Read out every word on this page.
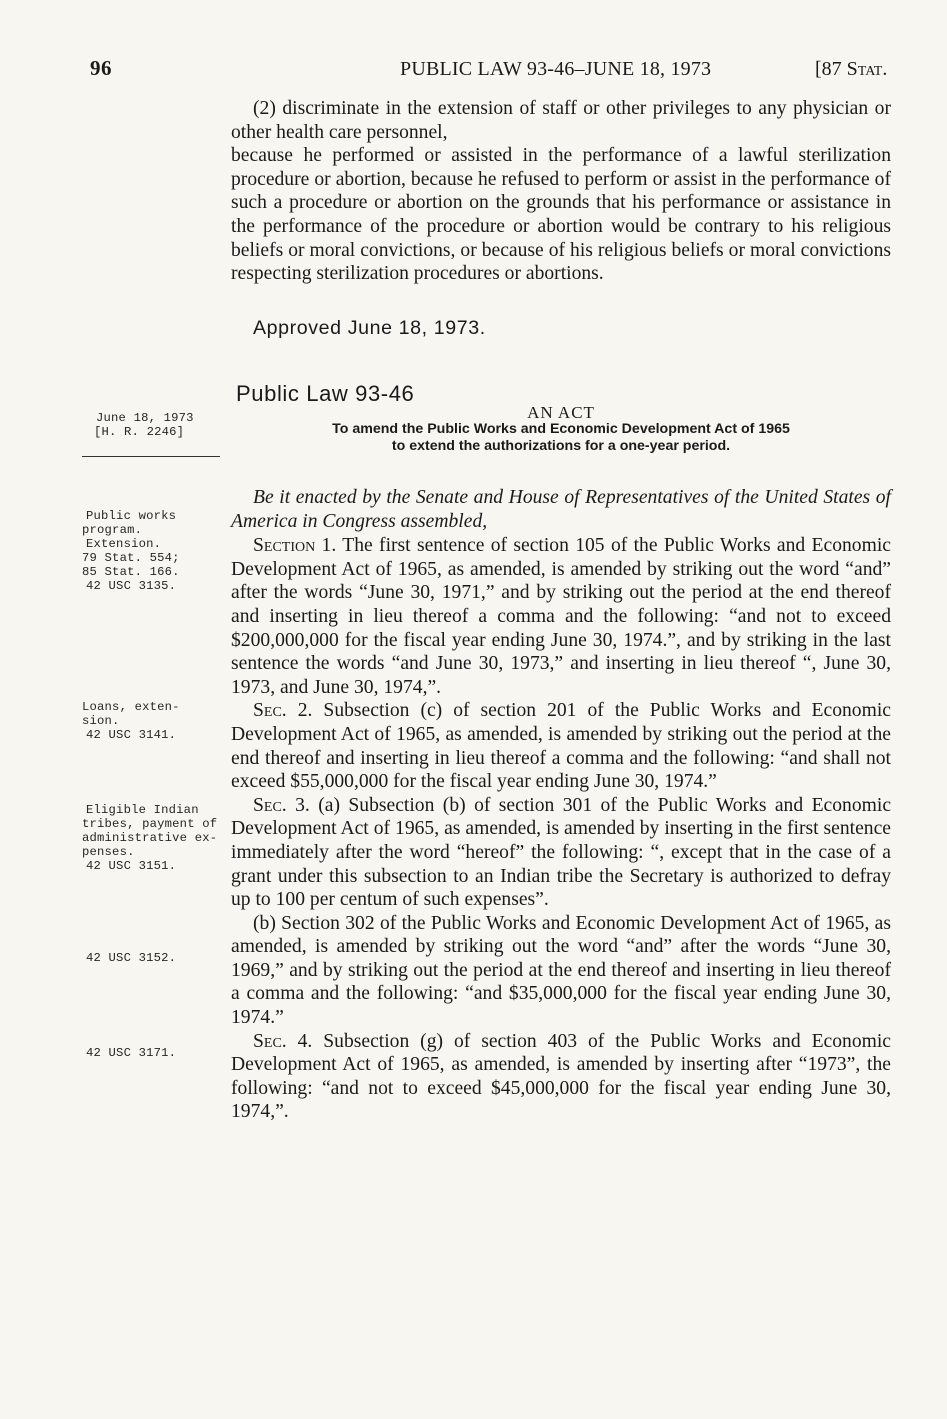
96	PUBLIC LAW 93-46–JUNE 18, 1973	[87 Stat.

(2) discriminate in the extension of staff or other privileges to any physician or other health care personnel,

because he performed or assisted in the performance of a lawful sterilization procedure or abortion, because he refused to perform or assist in the performance of such a procedure or abortion on the grounds that his performance or assistance in the performance of the procedure or abortion would be contrary to his religious beliefs or moral convictions, or because of his religious beliefs or moral convictions respecting sterilization procedures or abortions.

Approved June 18, 1973.
Public Law 93-46
June 18, 1973
[H. R. 2246]
AN ACT
To amend the Public Works and Economic Development Act of 1965
to extend the authorizations for a one-year period.

Be it enacted by the Senate and House of Representatives of the United States of America in Congress assembled,

Section 1. The first sentence of section 105 of the Public Works and Economic Development Act of 1965, as amended, is amended by striking out the word “and” after the words “June 30, 1971,” and by striking out the period at the end thereof and inserting in lieu thereof a comma and the following: “and not to exceed $200,000,000 for the fiscal year ending June 30, 1974.”, and by striking in the last sentence the words “and June 30, 1973,” and inserting in lieu thereof “, June 30, 1973, and June 30, 1974,”.

Sec. 2. Subsection (c) of section 201 of the Public Works and Economic Development Act of 1965, as amended, is amended by striking out the period at the end thereof and inserting in lieu thereof a comma and the following: “and shall not exceed $55,000,000 for the fiscal year ending June 30, 1974.”

Sec. 3. (a) Subsection (b) of section 301 of the Public Works and Economic Development Act of 1965, as amended, is amended by inserting in the first sentence immediately after the word “hereof” the following: “, except that in the case of a grant under this subsection to an Indian tribe the Secretary is authorized to defray up to 100 per centum of such expenses”.

(b) Section 302 of the Public Works and Economic Development Act of 1965, as amended, is amended by striking out the word “and” after the words “June 30, 1969,” and by striking out the period at the end thereof and inserting in lieu thereof a comma and the following: “and $35,000,000 for the fiscal year ending June 30, 1974.”

Sec. 4. Subsection (g) of section 403 of the Public Works and Economic Development Act of 1965, as amended, is amended by inserting after “1973”, the following: “and not to exceed $45,000,000 for the fiscal year ending June 30, 1974,”.

Public works
program.
Extension.
79 Stat. 554;
85 Stat. 166.
42 USC 3135.
Loans, exten-
sion.
42 USC 3141.
Eligible Indian
tribes, payment of
administrative ex-
penses.
42 USC 3151.
42 USC 3152.
42 USC 3171.
